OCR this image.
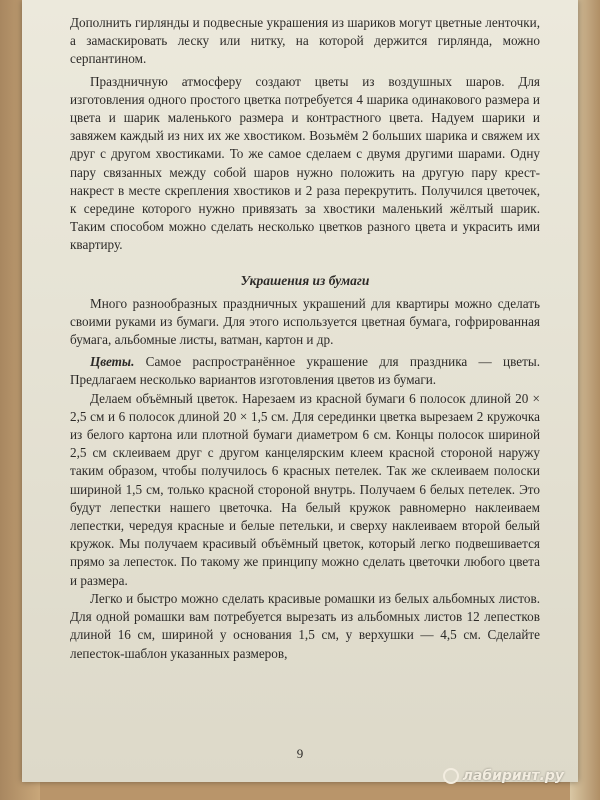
Дополнить гирлянды и подвесные украшения из шариков могут цветные ленточки, а замаскировать леску или нитку, на которой держится гирлянда, можно серпантином.

Праздничную атмосферу создают цветы из воздушных шаров. Для изготовления одного простого цветка потребуется 4 шарика одинакового размера и цвета и шарик маленького размера и контрастного цвета. Надуем шарики и завяжем каждый из них их же хвостиком. Возьмём 2 больших шарика и свяжем их друг с другом хвостиками. То же самое сделаем с двумя другими шарами. Одну пару связанных между собой шаров нужно положить на другую пару крест-накрест в месте скрепления хвостиков и 2 раза перекрутить. Получился цветочек, к середине которого нужно привязать за хвостики маленький жёлтый шарик. Таким способом можно сделать несколько цветков разного цвета и украсить ими квартиру.

Украшения из бумаги

Много разнообразных праздничных украшений для квартиры можно сделать своими руками из бумаги. Для этого используется цветная бумага, гофрированная бумага, альбомные листы, ватман, картон и др.

Цветы. Самое распространённое украшение для праздника — цветы. Предлагаем несколько вариантов изготовления цветов из бумаги.

Делаем объёмный цветок. Нарезаем из красной бумаги 6 полосок длиной 20 × 2,5 см и 6 полосок длиной 20 × 1,5 см. Для серединки цветка вырезаем 2 кружочка из белого картона или плотной бумаги диаметром 6 см. Концы полосок шириной 2,5 см склеиваем друг с другом канцелярским клеем красной стороной наружу таким образом, чтобы получилось 6 красных петелек. Так же склеиваем полоски шириной 1,5 см, только красной стороной внутрь. Получаем 6 белых петелек. Это будут лепестки нашего цветочка. На белый кружок равномерно наклеиваем лепестки, чередуя красные и белые петельки, и сверху наклеиваем второй белый кружок. Мы получаем красивый объёмный цветок, который легко подвешивается прямо за лепесток. По такому же принципу можно сделать цветочки любого цвета и размера.

Легко и быстро можно сделать красивые ромашки из белых альбомных листов. Для одной ромашки вам потребуется вырезать из альбомных листов 12 лепестков длиной 16 см, шириной у основания 1,5 см, у верхушки — 4,5 см. Сделайте лепесток-шаблон указанных размеров,

9
лабиринт.ру
